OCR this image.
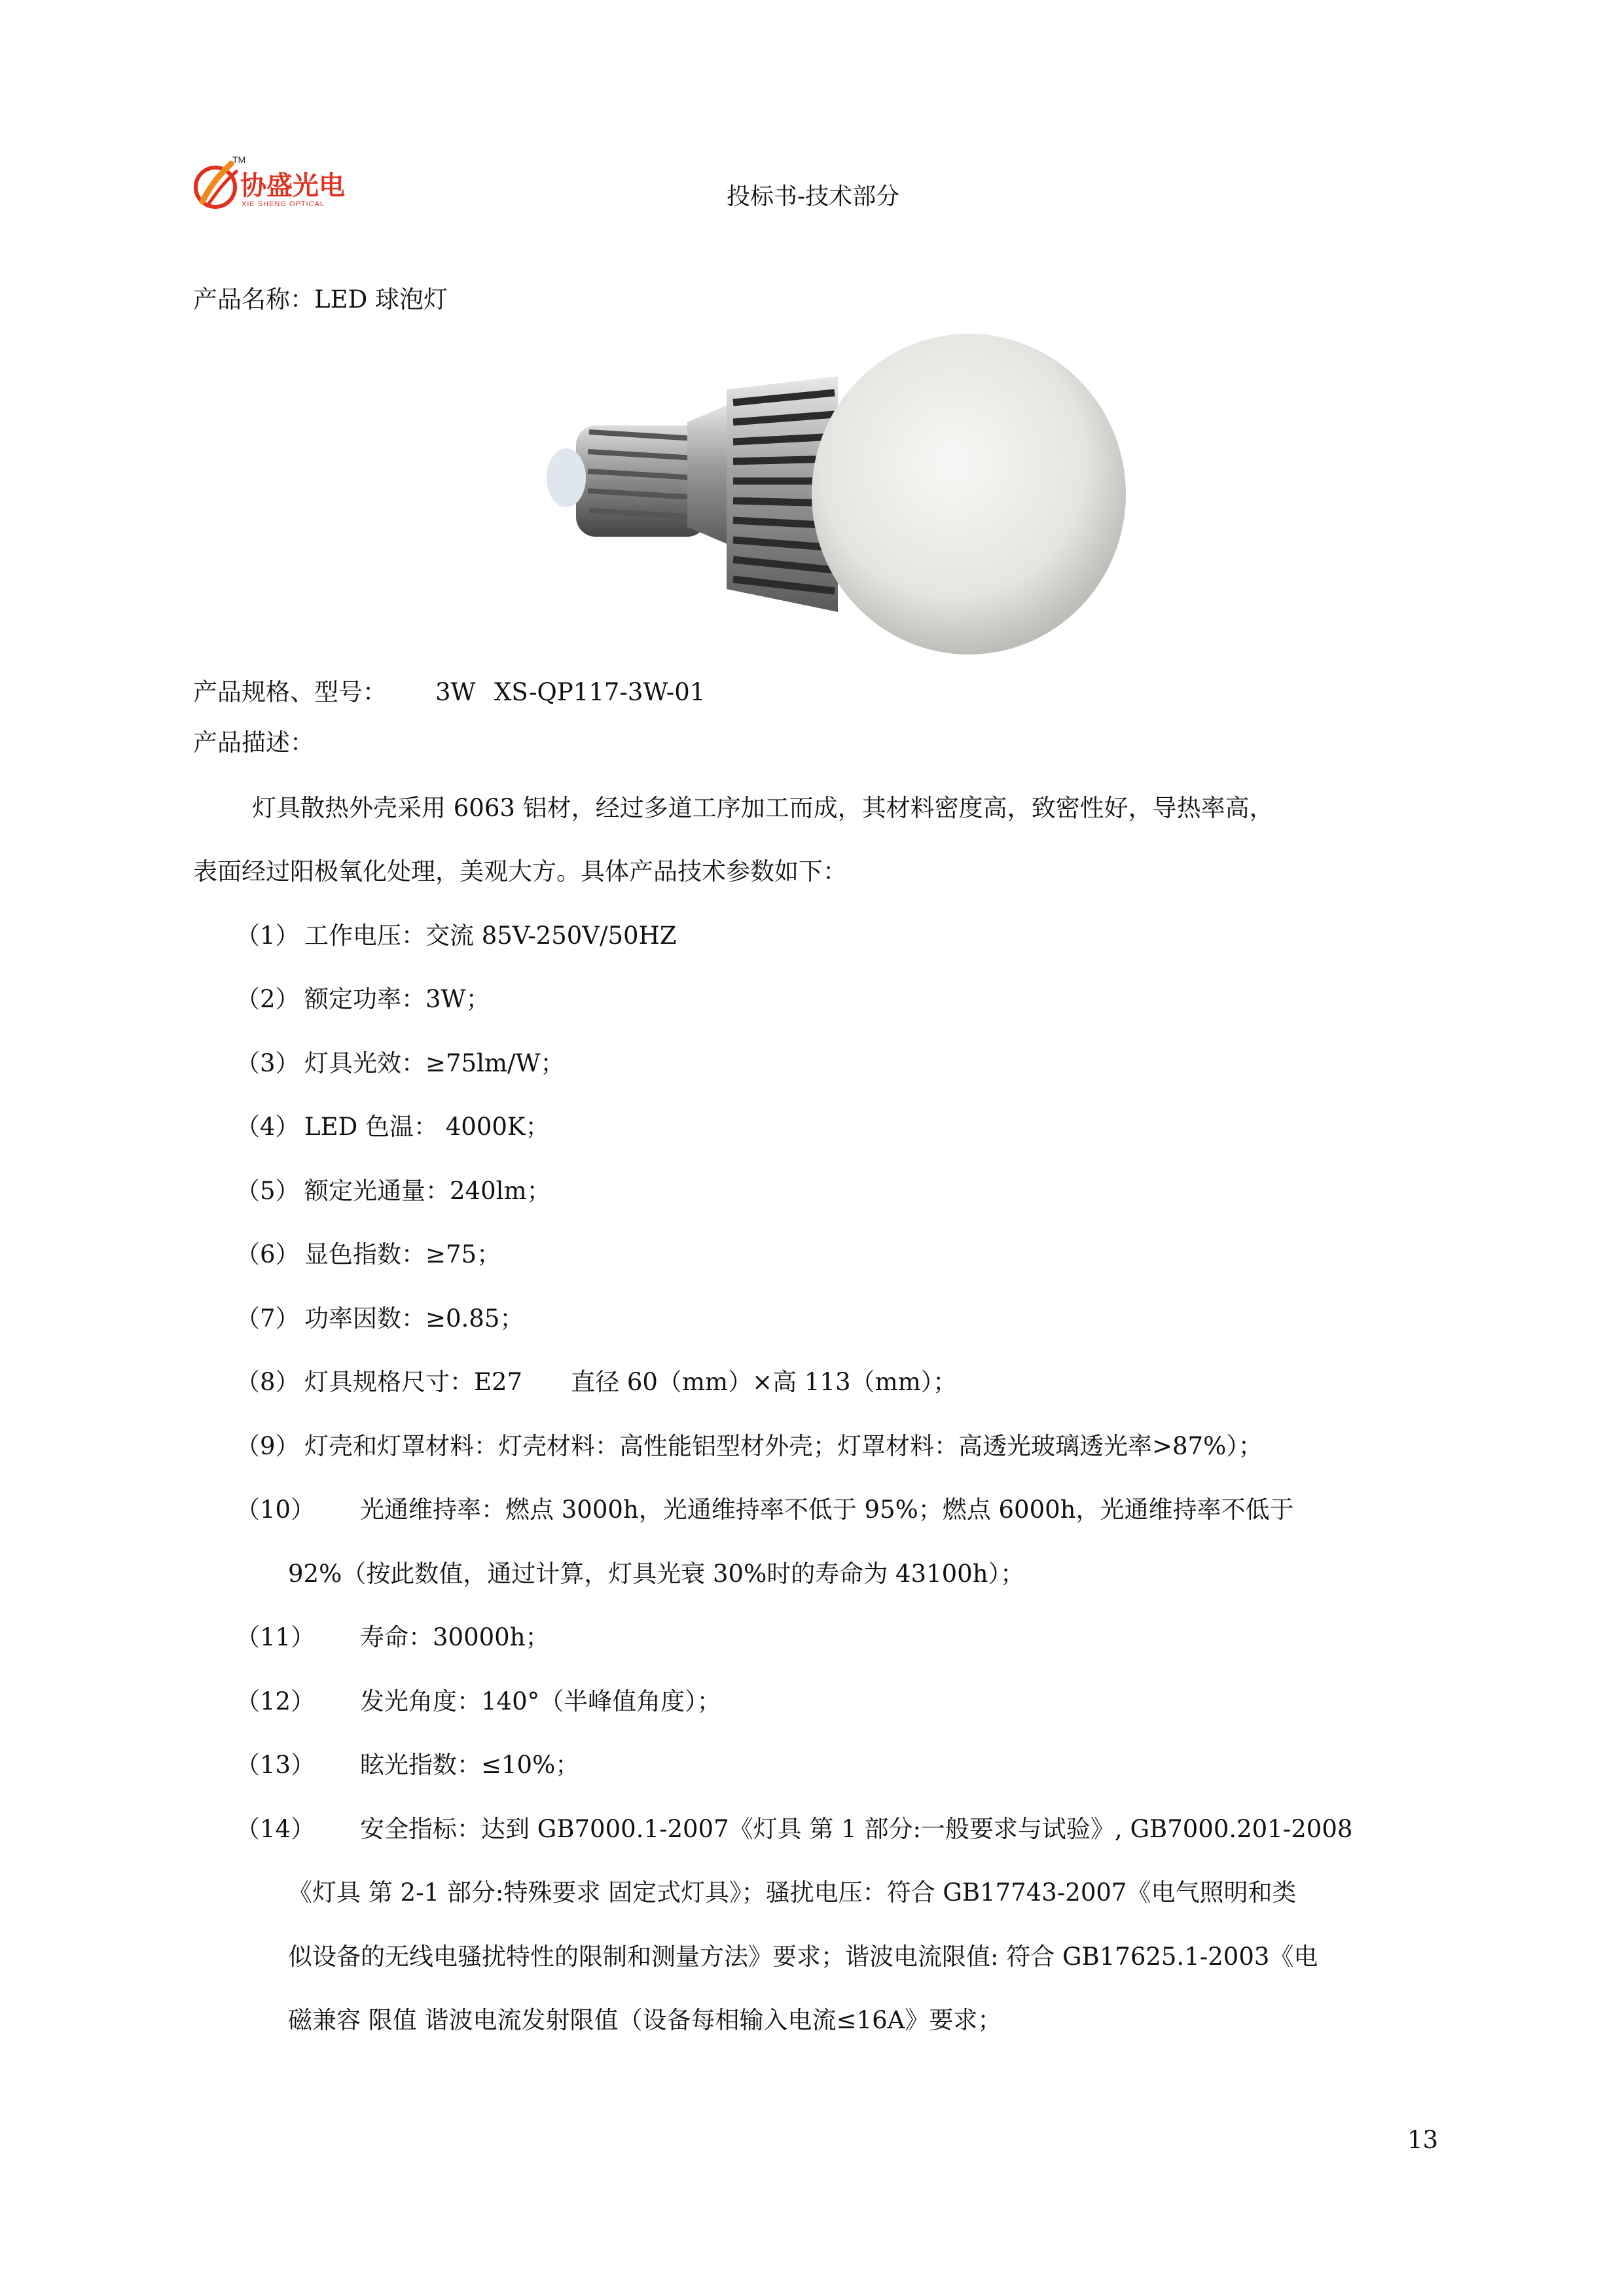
TM
协盛光电
XIE SHENG OPTICAL	投标书-技术部分
产品名称：LED 球泡灯
产品规格、型号： 3W XS-QP117-3W-01
产品描述：
灯具散热外壳采用 6063 铝材，经过多道工序加工而成，其材料密度高，致密性好，导热率高，
表面经过阳极氧化处理，美观大方。具体产品技术参数如下：
（1） 工作电压：交流 85V-250V/50HZ
（2） 额定功率：3W；
（3） 灯具光效：≥75lm/W；
（4） LED 色温： 4000K；
（5） 额定光通量：240lm；
（6） 显色指数：≥75；
（7） 功率因数：≥0.85；
（8） 灯具规格尺寸：E27　　直径 60（mm）×高 113（mm）；
（9） 灯壳和灯罩材料：灯壳材料：高性能铝型材外壳；灯罩材料：高透光玻璃透光率>87%）；
（10） 光通维持率：燃点 3000h，光通维持率不低于 95%；燃点 6000h，光通维持率不低于
92%（按此数值，通过计算，灯具光衰 30%时的寿命为 43100h）；
（11） 寿命：30000h；
（12） 发光角度：140°（半峰值角度）；
（13） 眩光指数：≤10%；
（14） 安全指标：达到 GB7000.1-2007《灯具 第 1 部分:一般要求与试验》, GB7000.201-2008
《灯具 第 2-1 部分:特殊要求 固定式灯具》；骚扰电压：符合 GB17743-2007《电气照明和类
似设备的无线电骚扰特性的限制和测量方法》要求；谐波电流限值: 符合 GB17625.1-2003《电
磁兼容 限值 谐波电流发射限值（设备每相输入电流≤16A》要求；
13
